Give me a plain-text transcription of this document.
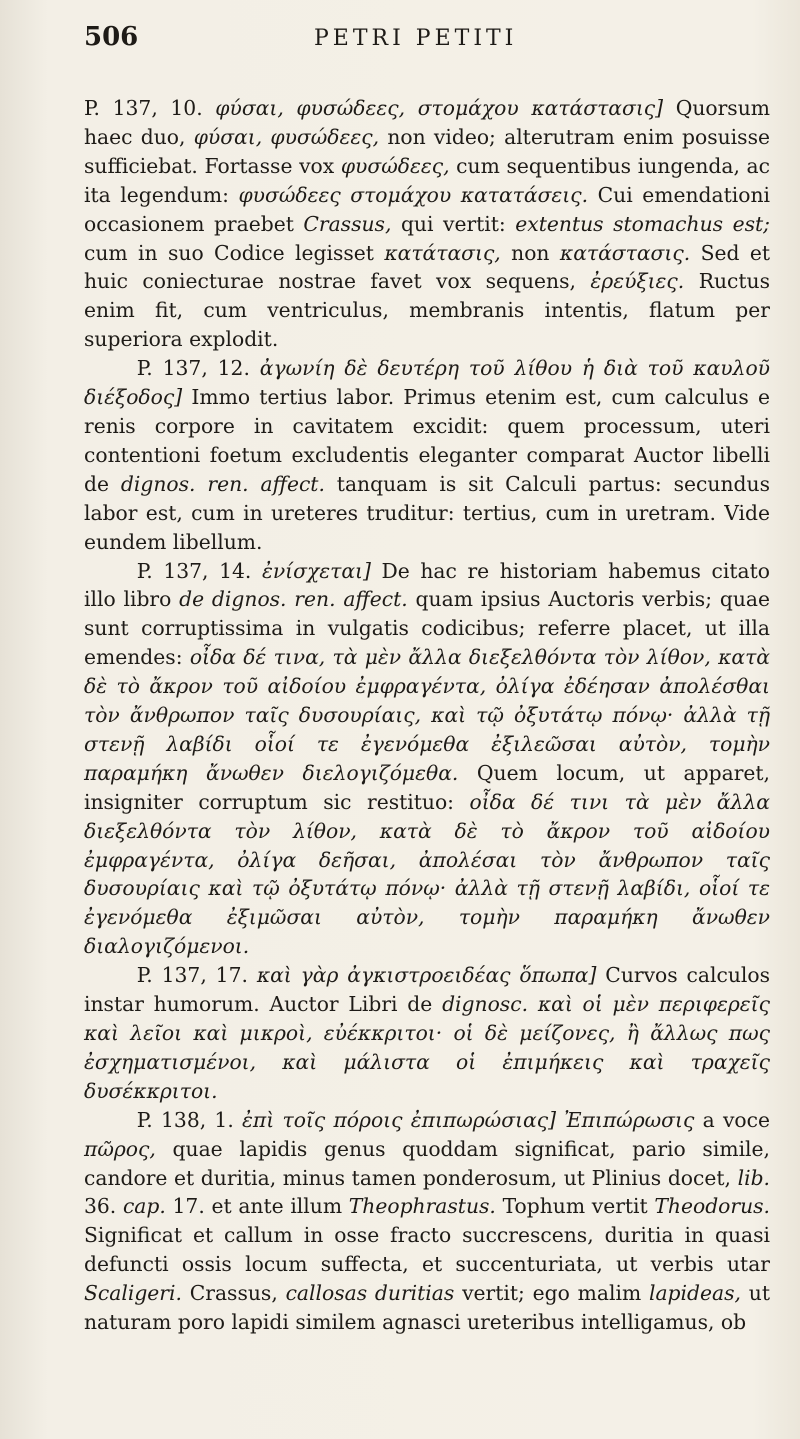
506	PETRI PETITI

P. 137, 10. φύσαι, φυσώδεες, στομάχου κατάστασις] Quorsum haec duo, φύσαι, φυσώδεες, non video; alterutram enim posuisse sufficiebat. Fortasse vox φυσώδεες, cum sequentibus iungenda, ac ita legendum: φυσώδεες στομάχου κατατάσεις. Cui emendationi occasionem praebet Crassus, qui vertit: extentus stomachus est; cum in suo Codice legisset κατάτασις, non κατάστασις. Sed et huic coniecturae nostrae favet vox sequens, ἐρεύξιες. Ructus enim fit, cum ventriculus, membranis intentis, flatum per superiora explodit.

P. 137, 12. ἀγωνίη δὲ δευτέρη τοῦ λίθου ἡ διὰ τοῦ καυλοῦ διέξοδος] Immo tertius labor. Primus etenim est, cum calculus e renis corpore in cavitatem excidit: quem processum, uteri contentioni foetum excludentis eleganter comparat Auctor libelli de dignos. ren. affect. tanquam is sit Calculi partus: secundus labor est, cum in ureteres truditur: tertius, cum in uretram. Vide eundem libellum.

P. 137, 14. ἐνίσχεται] De hac re historiam habemus citato illo libro de dignos. ren. affect. quam ipsius Auctoris verbis; quae sunt corruptissima in vulgatis codicibus; referre placet, ut illa emendes: οἶδα δέ τινα, τὰ μὲν ἄλλα διεξελθόντα τὸν λίθον, κατὰ δὲ τὸ ἄκρον τοῦ αἰδοίου ἐμφραγέντα, ὀλίγα ἐδέησαν ἀπολέσθαι τὸν ἄνθρωπον ταῖς δυσουρίαις, καὶ τῷ ὀξυτάτῳ πόνῳ· ἀλλὰ τῇ στενῇ λαβίδι οἷοί τε ἐγενόμεθα ἐξιλεῶσαι αὐτὸν, τομὴν παραμήκη ἄνωθεν διελογιζόμεθα. Quem locum, ut apparet, insigniter corruptum sic restituo: οἶδα δέ τινι τὰ μὲν ἄλλα διεξελθόντα τὸν λίθον, κατὰ δὲ τὸ ἄκρον τοῦ αἰδοίου ἐμφραγέντα, ὀλίγα δεῆσαι, ἀπολέσαι τὸν ἄνθρωπον ταῖς δυσουρίαις καὶ τῷ ὀξυτάτῳ πόνῳ· ἀλλὰ τῇ στενῇ λαβίδι, οἷοί τε ἐγενόμεθα ἐξιμῶσαι αὐτὸν, τομὴν παραμήκη ἄνωθεν διαλογιζόμενοι.

P. 137, 17. καὶ γὰρ ἀγκιστροειδέας ὅπωπα] Curvos calculos instar humorum. Auctor Libri de dignosc. καὶ οἱ μὲν περιφερεῖς καὶ λεῖοι καὶ μικροὶ, εὐέκκριτοι· οἱ δὲ μείζονες, ἢ ἄλλως πως ἐσχηματισμένοι, καὶ μάλιστα οἱ ἐπιμήκεις καὶ τραχεῖς δυσέκκριτοι.

P. 138, 1. ἐπὶ τοῖς πόροις ἐπιπωρώσιας] Ἐπιπώρωσις a voce πῶρος, quae lapidis genus quoddam significat, pario simile, candore et duritia, minus tamen ponderosum, ut Plinius docet, lib. 36. cap. 17. et ante illum Theophrastus. Tophum vertit Theodorus. Significat et callum in osse fracto succrescens, duritia in quasi defuncti ossis locum suffecta, et succenturiata, ut verbis utar Scaligeri. Crassus, callosas duritias vertit; ego malim lapideas, ut naturam poro lapidi similem agnasci ureteribus intelligamus, ob
